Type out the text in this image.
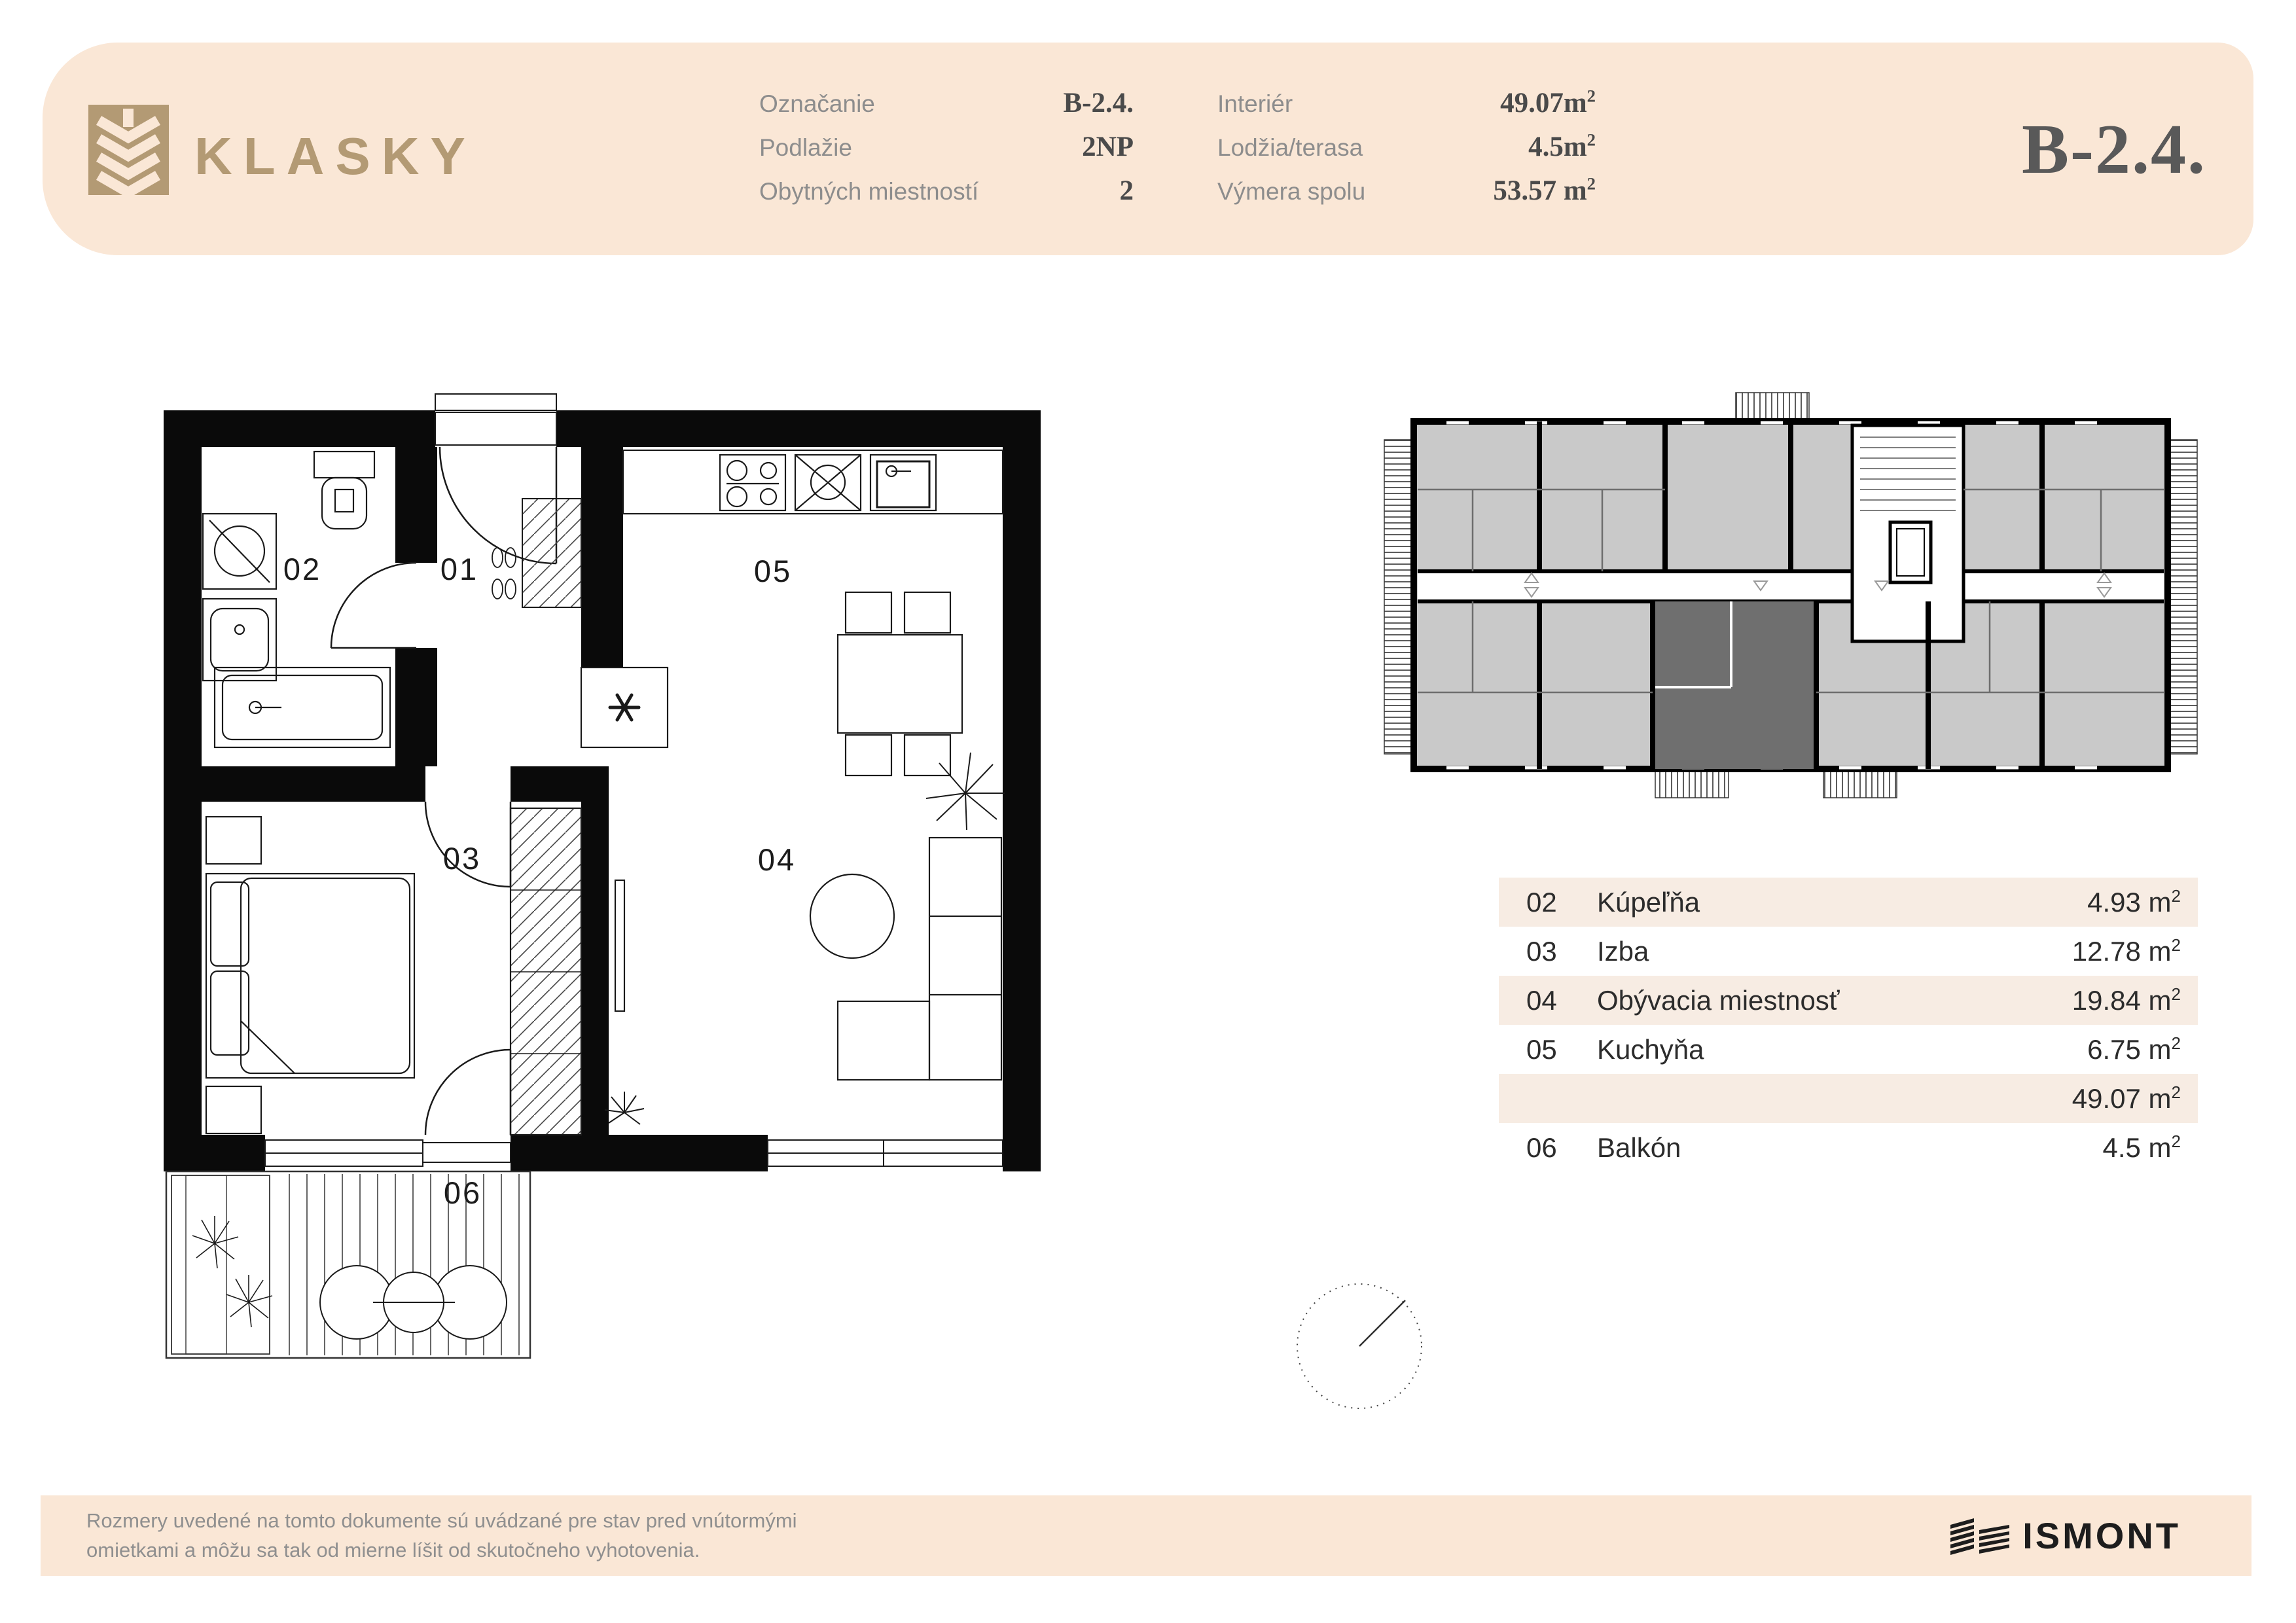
KLASKY
Označanie	B-2.4.
Podlažie	2NP
Obytných miestností	2
Interiér	$49.07m^2$
Lodžia/terasa	$4.5m^2$
Výmera spolu	53.57 $m^2$	B-2.4.
02	01	05
03	04
06
02	Kúpeľňa	4.93 $m^2$
03	Izba	12.78 $m^2$
04	Obývacia miestnosť	19.84 $m^2$
05	Kuchyňa	6.75 $m^2$
49.07 $m^2$
06	Balkón	4.5 $m^2$
Rozmery uvedené na tomto dokumente sú uvádzané pre stav pred vnútormými
omietkami a môžu sa tak od mierne líšit od skutočneho vyhotovenia.	ISMONT
